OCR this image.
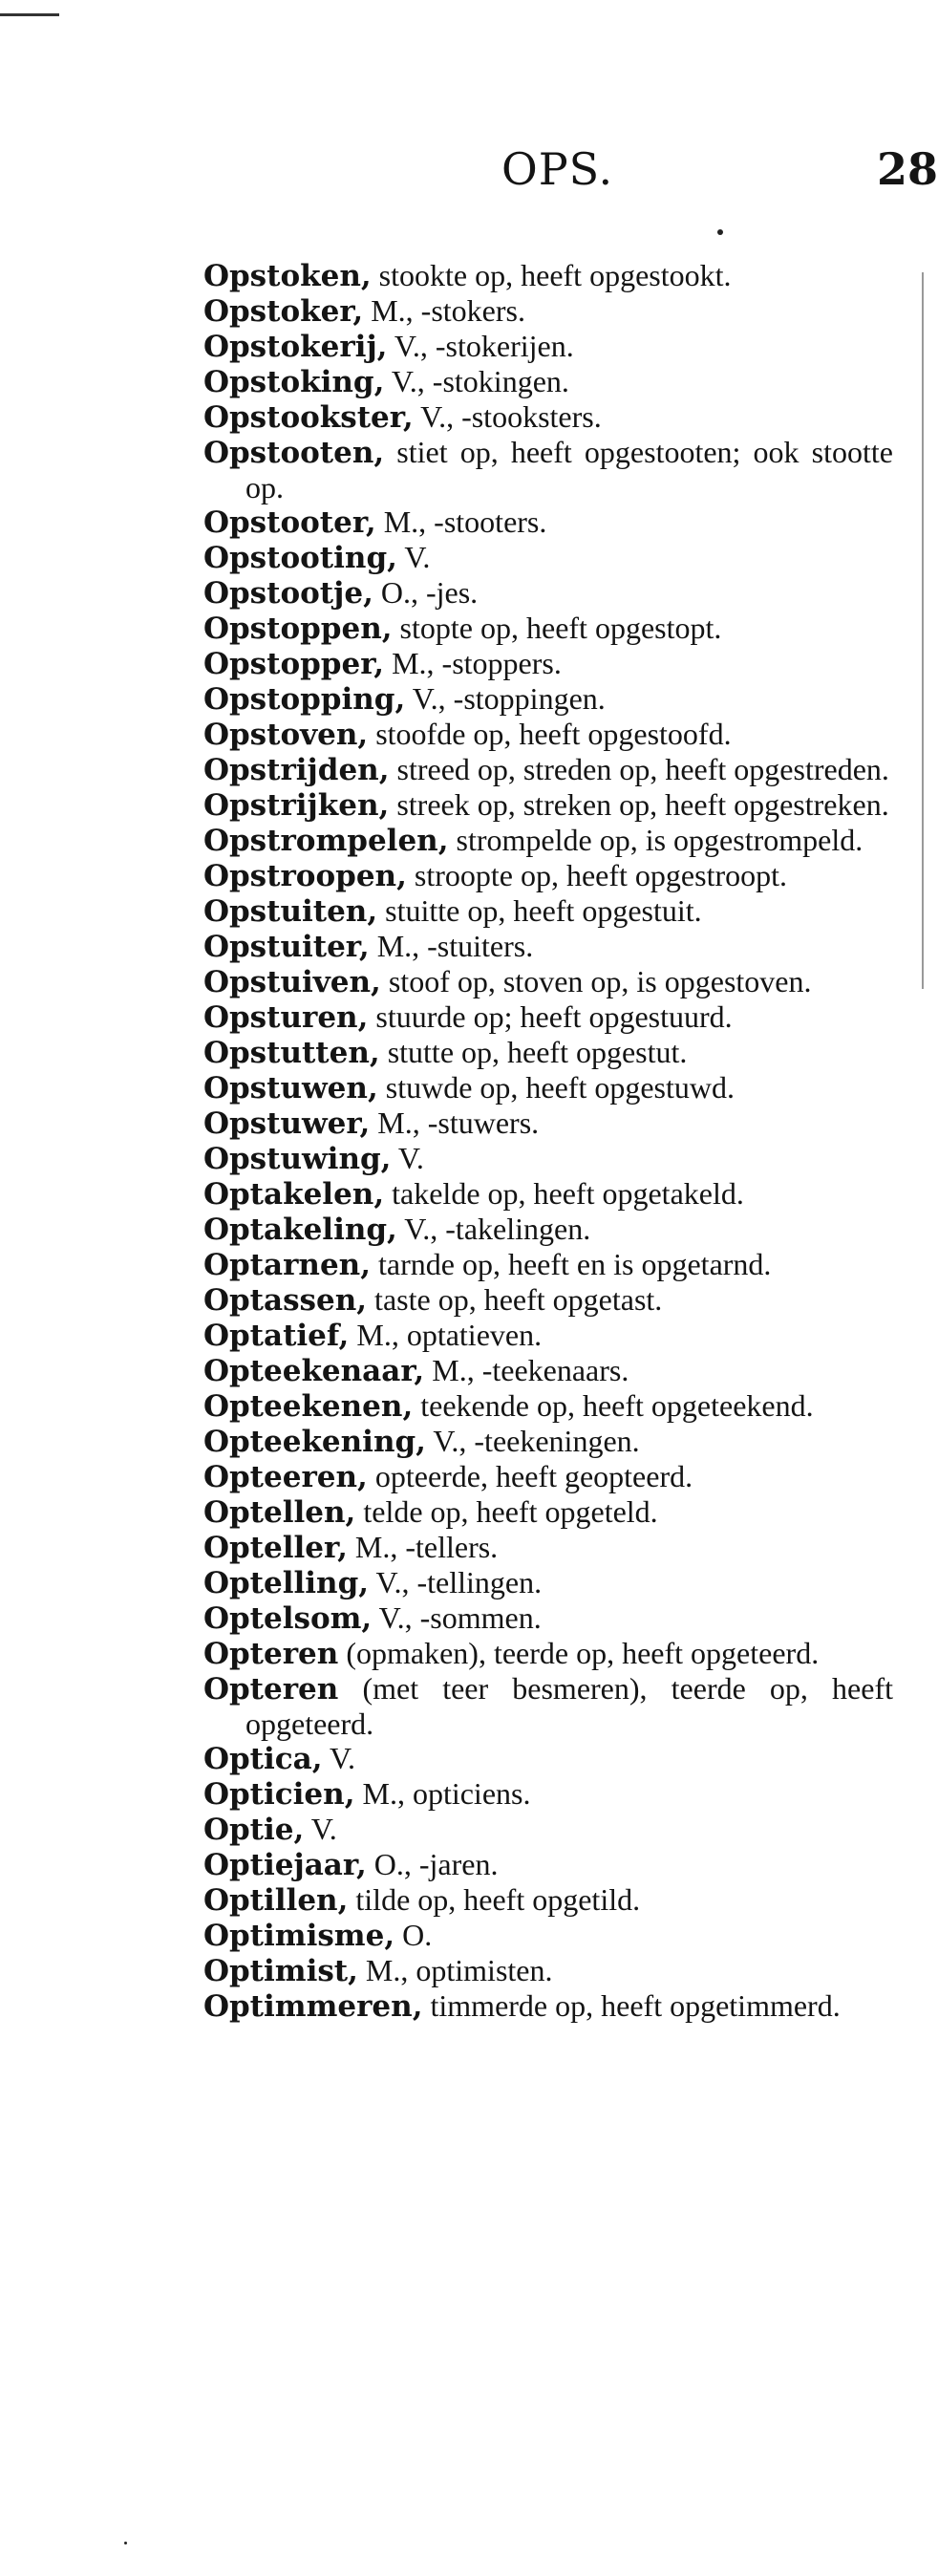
OPS.	28
Opstoken, stookte op, heeft opgestookt.
Opstoker, M., -stokers.
Opstokerij, V., -stokerijen.
Opstoking, V., -stokingen.
Opstookster, V., -stooksters.
Opstooten, stiet op, heeft opgestooten; ook stootte op.
Opstooter, M., -stooters.
Opstooting, V.
Opstootje, O., -jes.
Opstoppen, stopte op, heeft opgestopt.
Opstopper, M., -stoppers.
Opstopping, V., -stoppingen.
Opstoven, stoofde op, heeft opgestoofd.
Opstrijden, streed op, streden op, heeft opgestreden.
Opstrijken, streek op, streken op, heeft opgestreken.
Opstrompelen, strompelde op, is opgestrompeld.
Opstroopen, stroopte op, heeft opgestroopt.
Opstuiten, stuitte op, heeft opgestuit.
Opstuiter, M., -stuiters.
Opstuiven, stoof op, stoven op, is opgestoven.
Opsturen, stuurde op; heeft opgestuurd.
Opstutten, stutte op, heeft opgestut.
Opstuwen, stuwde op, heeft opgestuwd.
Opstuwer, M., -stuwers.
Opstuwing, V.
Optakelen, takelde op, heeft opgetakeld.
Optakeling, V., -takelingen.
Optarnen, tarnde op, heeft en is opgetarnd.
Optassen, taste op, heeft opgetast.
Optatief, M., optatieven.
Opteekenaar, M., -teekenaars.
Opteekenen, teekende op, heeft opgeteekend.
Opteekening, V., -teekeningen.
Opteeren, opteerde, heeft geopteerd.
Optellen, telde op, heeft opgeteld.
Opteller, M., -tellers.
Optelling, V., -tellingen.
Optelsom, V., -sommen.
Opteren (opmaken), teerde op, heeft opgeteerd.
Opteren (met teer besmeren), teerde op, heeft opgeteerd.
Optica, V.
Opticien, M., opticiens.
Optie, V.
Optiejaar, O., -jaren.
Optillen, tilde op, heeft opgetild.
Optimisme, O.
Optimist, M., optimisten.
Optimmeren, timmerde op, heeft opgetimmerd.
